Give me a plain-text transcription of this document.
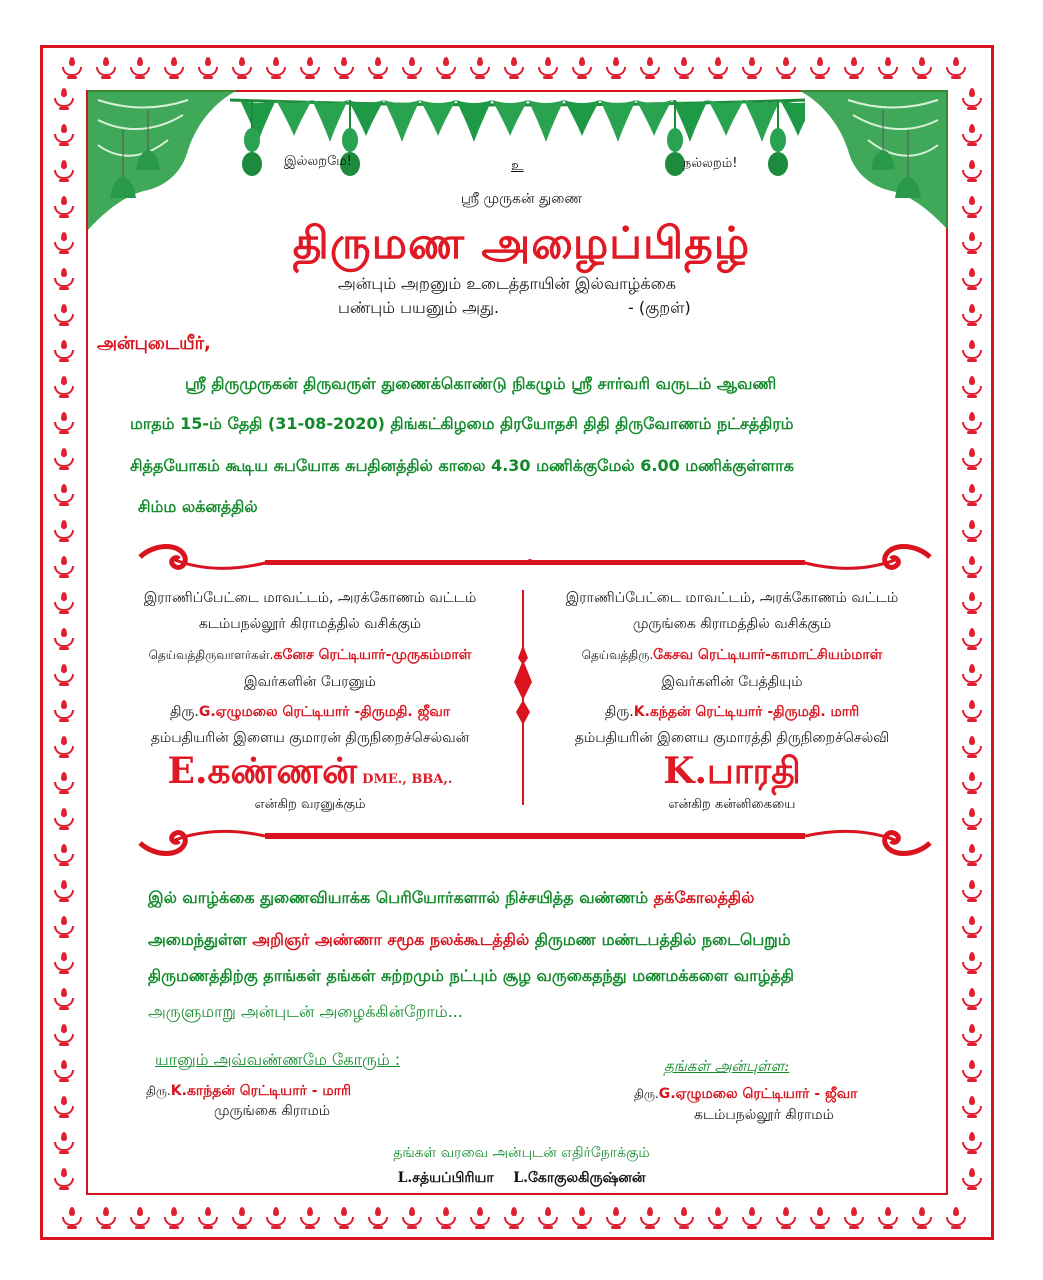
இல்லறமே!	உ	நல்லறம்!
ஸ்ரீ முருகன் துணை
திருமண அழைப்பிதழ்
அன்பும் அறனும் உடைத்தாயின் இல்வாழ்க்கை
பண்பும் பயனும் அது.	- (குறள்)
அன்புடையீர்,
ஸ்ரீ திருமுருகன் திருவருள் துணைக்கொண்டு நிகழும் ஸ்ரீ சார்வரி வருடம் ஆவணி
மாதம் 15-ம் தேதி (31-08-2020) திங்கட்கிழமை திரயோதசி திதி திருவோணம் நட்சத்திரம்
சித்தயோகம் கூடிய சுபயோக சுபதினத்தில் காலை 4.30 மணிக்குமேல் 6.00 மணிக்குள்ளாக
சிம்ம லக்னத்தில்
இராணிப்பேட்டை மாவட்டம், அரக்கோணம் வட்டம்
கடம்பநல்லூர் கிராமத்தில் வசிக்கும்
தெய்வத்திருவாளர்கள்.கனேச ரெட்டியார்-முருகம்மாள்
இவர்களின் பேரனும்
திரு.G.ஏழுமலை ரெட்டியார் -திருமதி. ஜீவா
தம்பதியரின் இளைய குமாரன் திருநிறைச்செல்வன்
E.கண்ணன் DME., BBA,.
என்கிற வரனுக்கும்
இராணிப்பேட்டை மாவட்டம், அரக்கோணம் வட்டம்
முருங்கை கிராமத்தில் வசிக்கும்
தெய்வத்திரு.கேசவ ரெட்டியார்-காமாட்சியம்மாள்
இவர்களின் பேத்தியும்
திரு.K.கந்தன் ரெட்டியார் -திருமதி. மாரி
தம்பதியரின் இளைய குமாரத்தி திருநிறைச்செல்வி
K.பாரதி
என்கிற கன்னிகையை
இல் வாழ்க்கை துணைவியாக்க பெரியோர்களால் நிச்சயித்த வண்ணம் தக்கோலத்தில்
அமைந்துள்ள அறிஞர் அண்ணா சமூக நலக்கூடத்தில் திருமண மண்டபத்தில் நடைபெறும்
திருமணத்திற்கு தாங்கள் தங்கள் சுற்றமும் நட்பும் சூழ வருகைதந்து மணமக்களை வாழ்த்தி
அருளுமாறு அன்புடன் அழைக்கின்றோம்...
யானும் அவ்வண்ணமே கோரும் :
திரு.K.காந்தன் ரெட்டியார் - மாரி
முருங்கை கிராமம்
தங்கள் அன்புள்ள:
திரு.G.ஏழுமலை ரெட்டியார் - ஜீவா
கடம்பநல்லூர் கிராமம்
தங்கள் வரவை அன்புடன் எதிர்நோக்கும்
L.சத்யப்பிரியா L.கோகுலகிருஷ்னன்
